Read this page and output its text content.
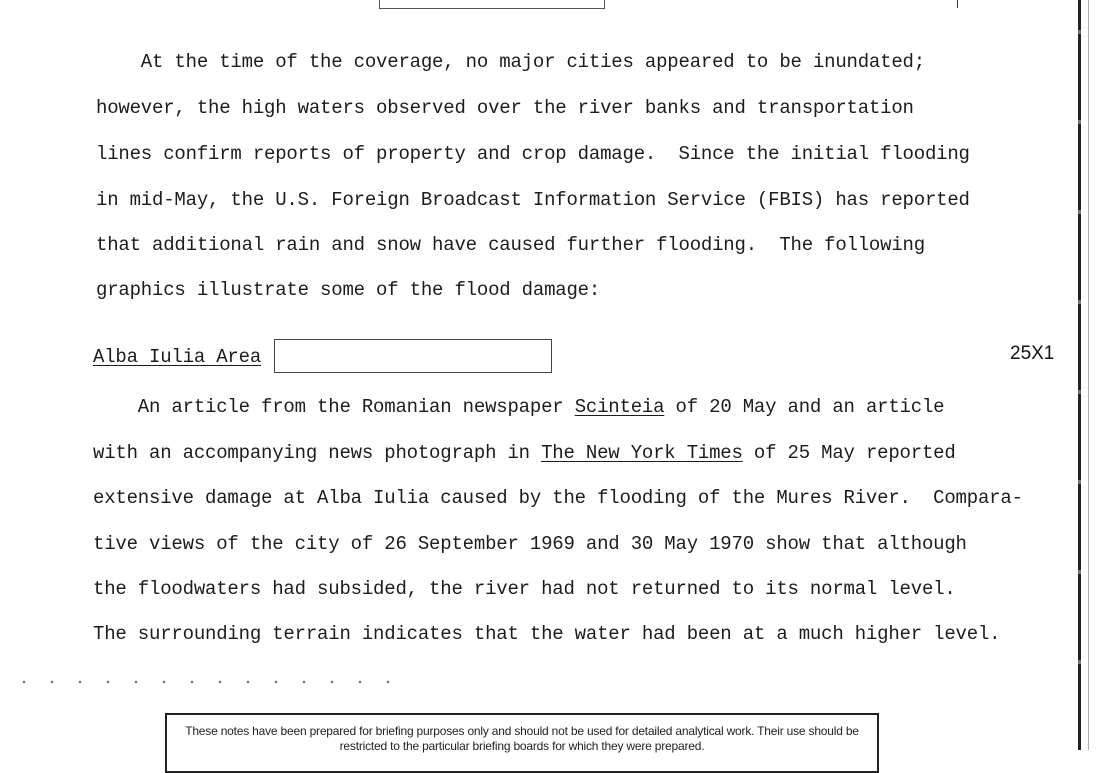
At the time of the coverage, no major cities appeared to be inundated;
however, the high waters observed over the river banks and transportation
lines confirm reports of property and crop damage.  Since the initial flooding
in mid-May, the U.S. Foreign Broadcast Information Service (FBIS) has reported
that additional rain and snow have caused further flooding.  The following
graphics illustrate some of the flood damage:
Alba Iulia Area	25X1
An article from the Romanian newspaper Scinteia of 20 May and an article
with an accompanying news photograph in The New York Times of 25 May reported
extensive damage at Alba Iulia caused by the flooding of the Mures River.  Compara-
tive views of the city of 26 September 1969 and 30 May 1970 show that although
the floodwaters had subsided, the river had not returned to its normal level.
The surrounding terrain indicates that the water had been at a much higher level.
These notes have been prepared for briefing purposes only and should not be used for detailed analytical work. Their use should be restricted to the particular briefing boards for which they were prepared.
